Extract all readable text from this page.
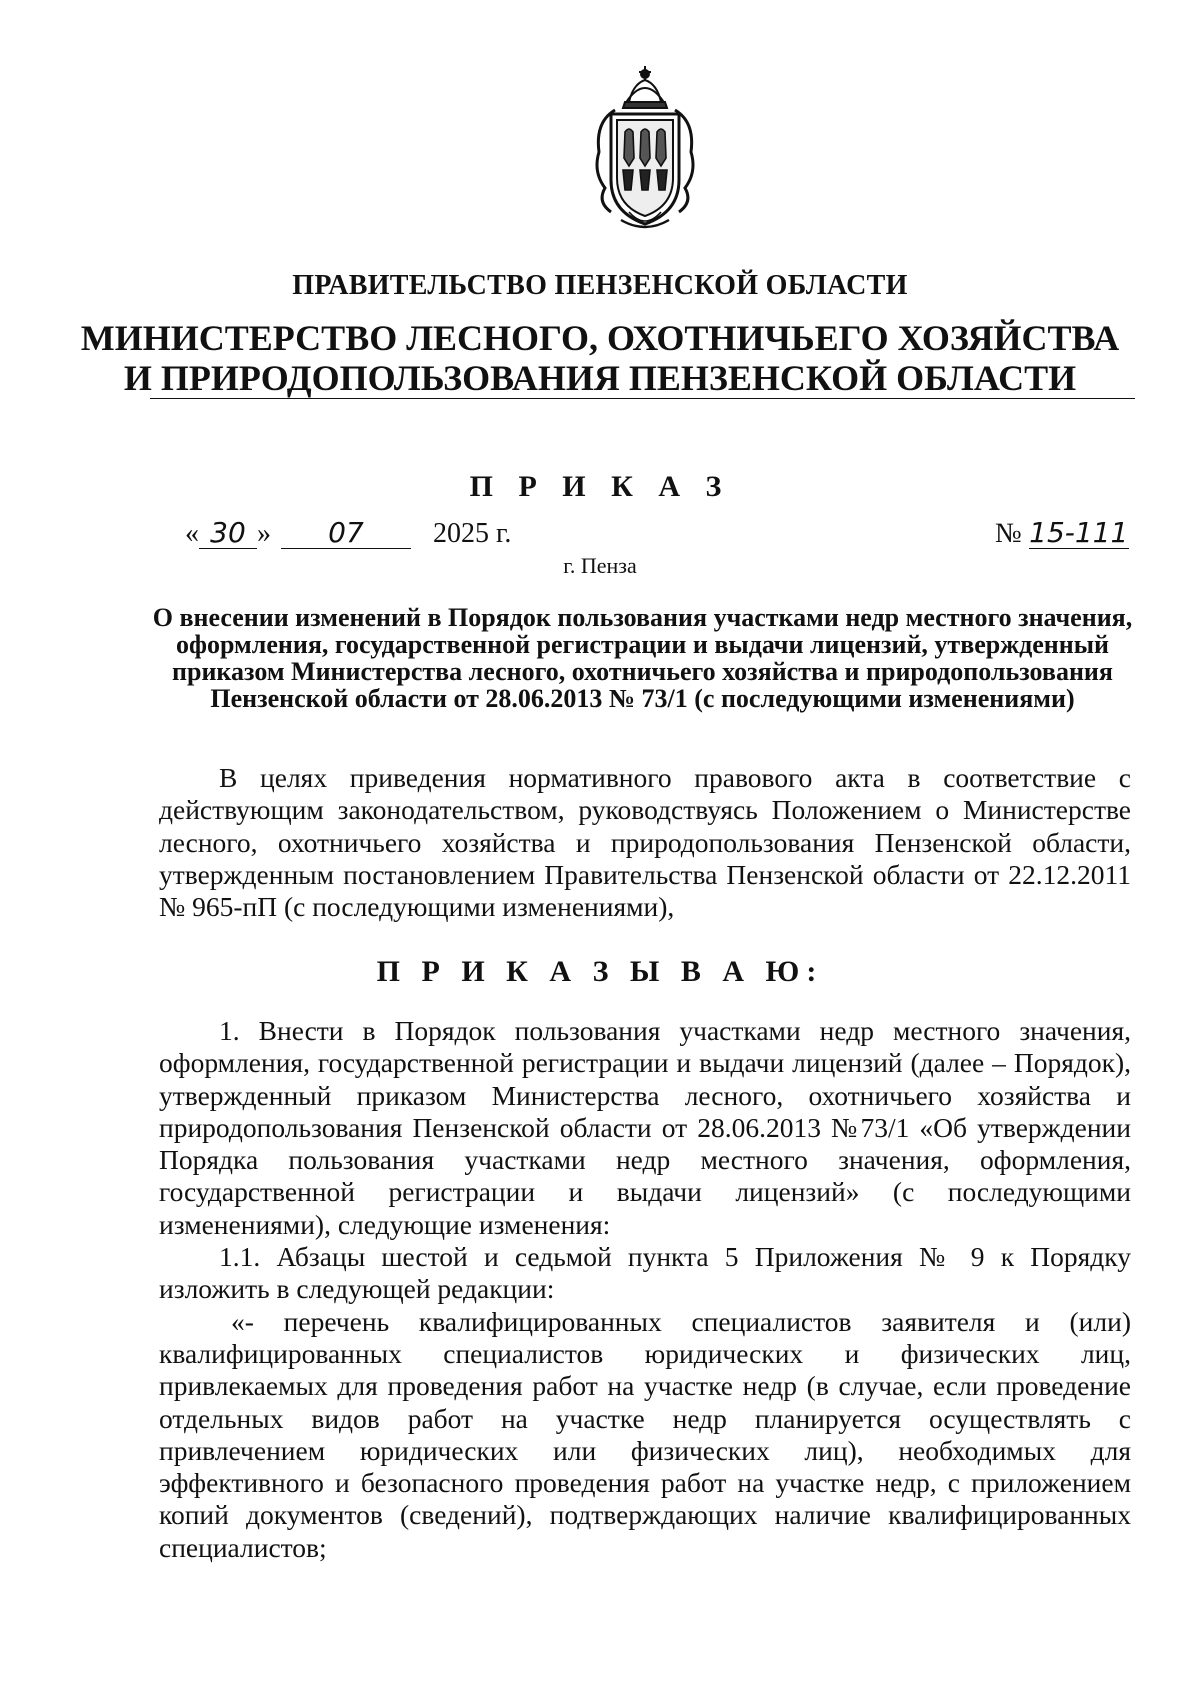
ПРАВИТЕЛЬСТВО ПЕНЗЕНСКОЙ ОБЛАСТИ
МИНИСТЕРСТВО ЛЕСНОГО, ОХОТНИЧЬЕГО ХОЗЯЙСТВА
И ПРИРОДОПОЛЬЗОВАНИЯ ПЕНЗЕНСКОЙ ОБЛАСТИ
П Р И К А З
« 30 » 07 2025 г.	№ 15-111
г. Пенза
О внесении изменений в Порядок пользования участками недр местного значения, оформления, государственной регистрации и выдачи лицензий, утвержденный приказом Министерства лесного, охотничьего хозяйства и природопользования Пензенской области от 28.06.2013 № 73/1 (с последующими изменениями)

В целях приведения нормативного правового акта в соответствие с действующим законодательством, руководствуясь Положением о Министерстве лесного, охотничьего хозяйства и природопользования Пензенской области, утвержденным постановлением Правительства Пензенской области от 22.12.2011 № 965-пП (с последующими изменениями),

П Р И К А З Ы В А Ю:

1. Внести в Порядок пользования участками недр местного значения, оформления, государственной регистрации и выдачи лицензий (далее – Порядок), утвержденный приказом Министерства лесного, охотничьего хозяйства и природопользования Пензенской области от 28.06.2013 №73/1 «Об утверждении Порядка пользования участками недр местного значения, оформления, государственной регистрации и выдачи лицензий» (с последующими изменениями), следующие изменения:

1.1. Абзацы шестой и седьмой пункта 5 Приложения № 9 к Порядку изложить в следующей редакции:

«- перечень квалифицированных специалистов заявителя и (или) квалифицированных специалистов юридических и физических лиц, привлекаемых для проведения работ на участке недр (в случае, если проведение отдельных видов работ на участке недр планируется осуществлять с привлечением юридических или физических лиц), необходимых для эффективного и безопасного проведения работ на участке недр, с приложением копий документов (сведений), подтверждающих наличие квалифицированных специалистов;
